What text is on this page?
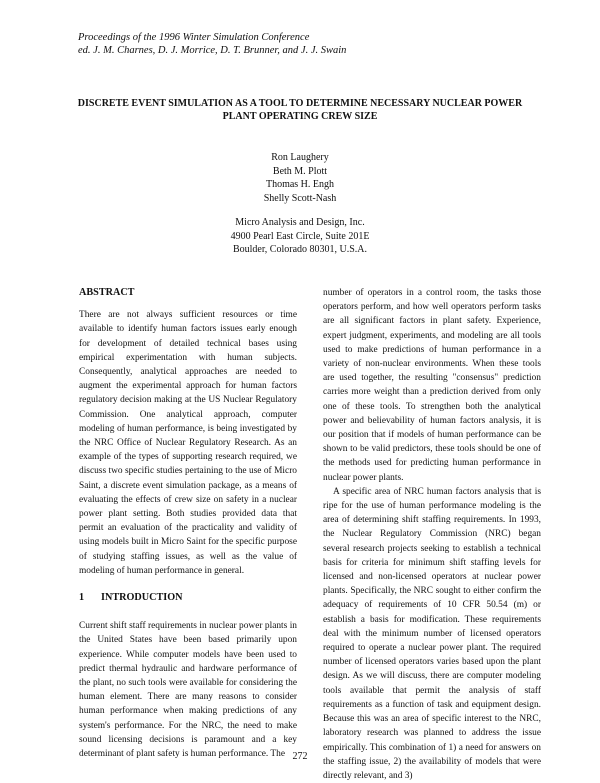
Proceedings of the 1996 Winter Simulation Conference
ed. J. M. Charnes, D. J. Morrice, D. T. Brunner, and J. J. Swain
DISCRETE EVENT SIMULATION AS A TOOL TO DETERMINE NECESSARY NUCLEAR POWER
PLANT OPERATING CREW SIZE
Ron Laughery
Beth M. Plott
Thomas H. Engh
Shelly Scott-Nash
Micro Analysis and Design, Inc.
4900 Pearl East Circle, Suite 201E
Boulder, Colorado 80301, U.S.A.
ABSTRACT

There are not always sufficient resources or time available to identify human factors issues early enough for development of detailed technical bases using empirical experimentation with human subjects. Consequently, analytical approaches are needed to augment the experimental approach for human factors regulatory decision making at the US Nuclear Regulatory Commission. One analytical approach, computer modeling of human performance, is being investigated by the NRC Office of Nuclear Regulatory Research. As an example of the types of supporting research required, we discuss two specific studies pertaining to the use of Micro Saint, a discrete event simulation package, as a means of evaluating the effects of crew size on safety in a nuclear power plant setting. Both studies provided data that permit an evaluation of the practicality and validity of using models built in Micro Saint for the specific purpose of studying staffing issues, as well as the value of modeling of human performance in general.

1 INTRODUCTION

Current shift staff requirements in nuclear power plants in the United States have been based primarily upon experience. While computer models have been used to predict thermal hydraulic and hardware performance of the plant, no such tools were available for considering the human element. There are many reasons to consider human performance when making predictions of any system's performance. For the NRC, the need to make sound licensing decisions is paramount and a key determinant of plant safety is human performance. The

number of operators in a control room, the tasks those operators perform, and how well operators perform tasks are all significant factors in plant safety. Experience, expert judgment, experiments, and modeling are all tools used to make predictions of human performance in a variety of non-nuclear environments. When these tools are used together, the resulting "consensus" prediction carries more weight than a prediction derived from only one of these tools. To strengthen both the analytical power and believability of human factors analysis, it is our position that if models of human performance can be shown to be valid predictors, these tools should be one of the methods used for predicting human performance in nuclear power plants.

A specific area of NRC human factors analysis that is ripe for the use of human performance modeling is the area of determining shift staffing requirements. In 1993, the Nuclear Regulatory Commission (NRC) began several research projects seeking to establish a technical basis for criteria for minimum shift staffing levels for licensed and non-licensed operators at nuclear power plants. Specifically, the NRC sought to either confirm the adequacy of requirements of 10 CFR 50.54 (m) or establish a basis for modification. These requirements deal with the minimum number of licensed operators required to operate a nuclear power plant. The required number of licensed operators varies based upon the plant design. As we will discuss, there are computer modeling tools available that permit the analysis of staff requirements as a function of task and equipment design. Because this was an area of specific interest to the NRC, laboratory research was planned to address the issue empirically. This combination of 1) a need for answers on the staffing issue, 2) the availability of models that were directly relevant, and 3)

272
